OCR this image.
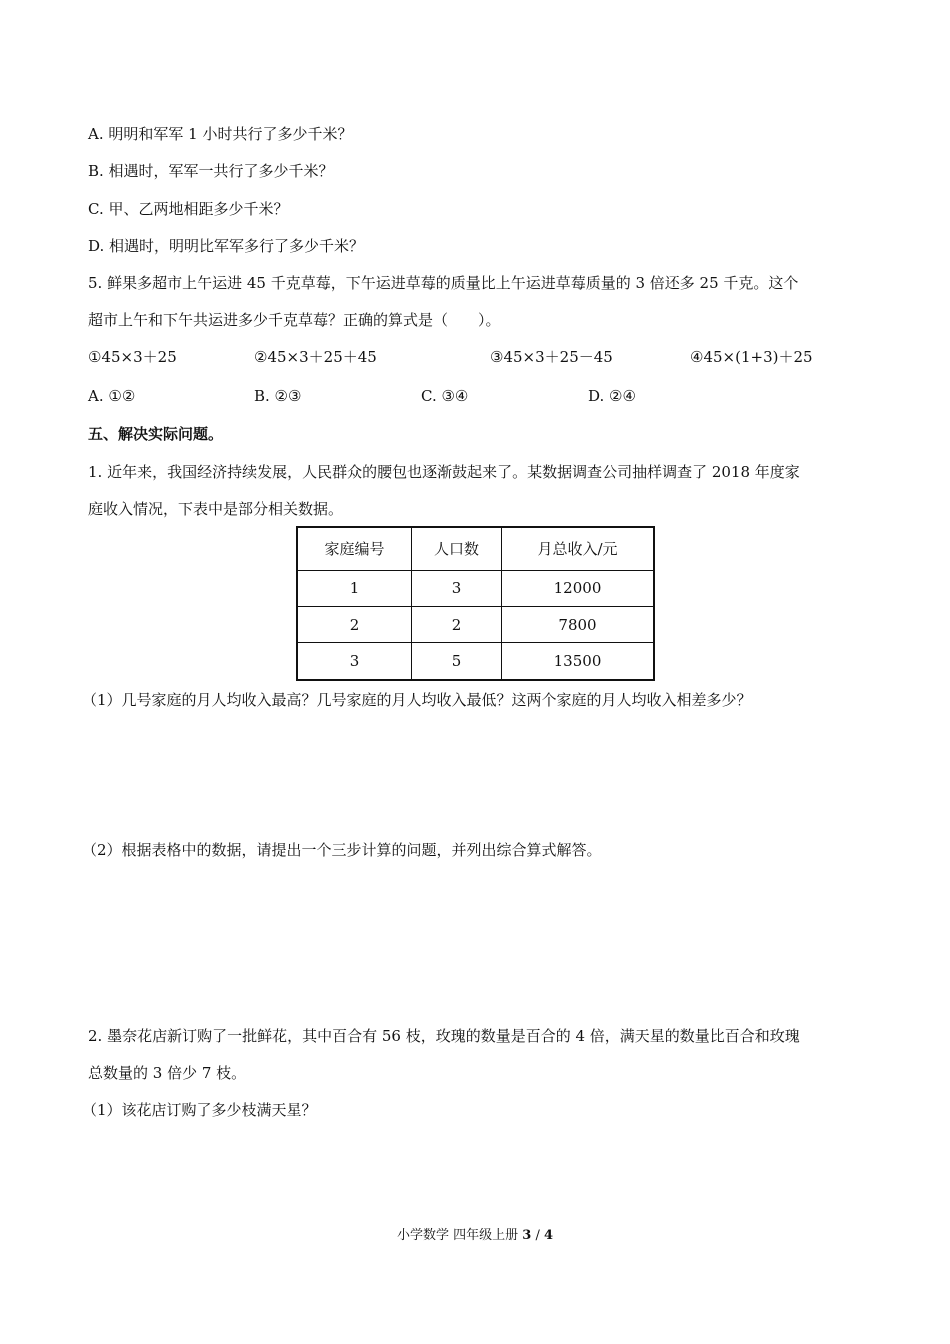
A. 明明和军军 1 小时共行了多少千米？
B. 相遇时，军军一共行了多少千米？
C. 甲、乙两地相距多少千米？
D. 相遇时，明明比军军多行了多少千米？
5. 鲜果多超市上午运进 45 千克草莓，下午运进草莓的质量比上午运进草莓质量的 3 倍还多 25 千克。这个
超市上午和下午共运进多少千克草莓？正确的算式是（　　）。
①45×3＋25	②45×3＋25＋45	③45×3＋25－45	④45×(1+3)＋25
A. ①②	B. ②③	C. ③④	D. ②④
五、解决实际问题。
1. 近年来，我国经济持续发展，人民群众的腰包也逐渐鼓起来了。某数据调查公司抽样调查了 2018 年度家
庭收入情况，下表中是部分相关数据。
家庭编号	人口数	月总收入/元
1	3	12000
2	2	7800
3	5	13500
（1）几号家庭的月人均收入最高？几号家庭的月人均收入最低？这两个家庭的月人均收入相差多少？
（2）根据表格中的数据，请提出一个三步计算的问题，并列出综合算式解答。
2. 墨奈花店新订购了一批鲜花，其中百合有 56 枝，玫瑰的数量是百合的 4 倍，满天星的数量比百合和玫瑰
总数量的 3 倍少 7 枝。
（1）该花店订购了多少枝满天星？
小学数学 四年级上册 3 / 4
